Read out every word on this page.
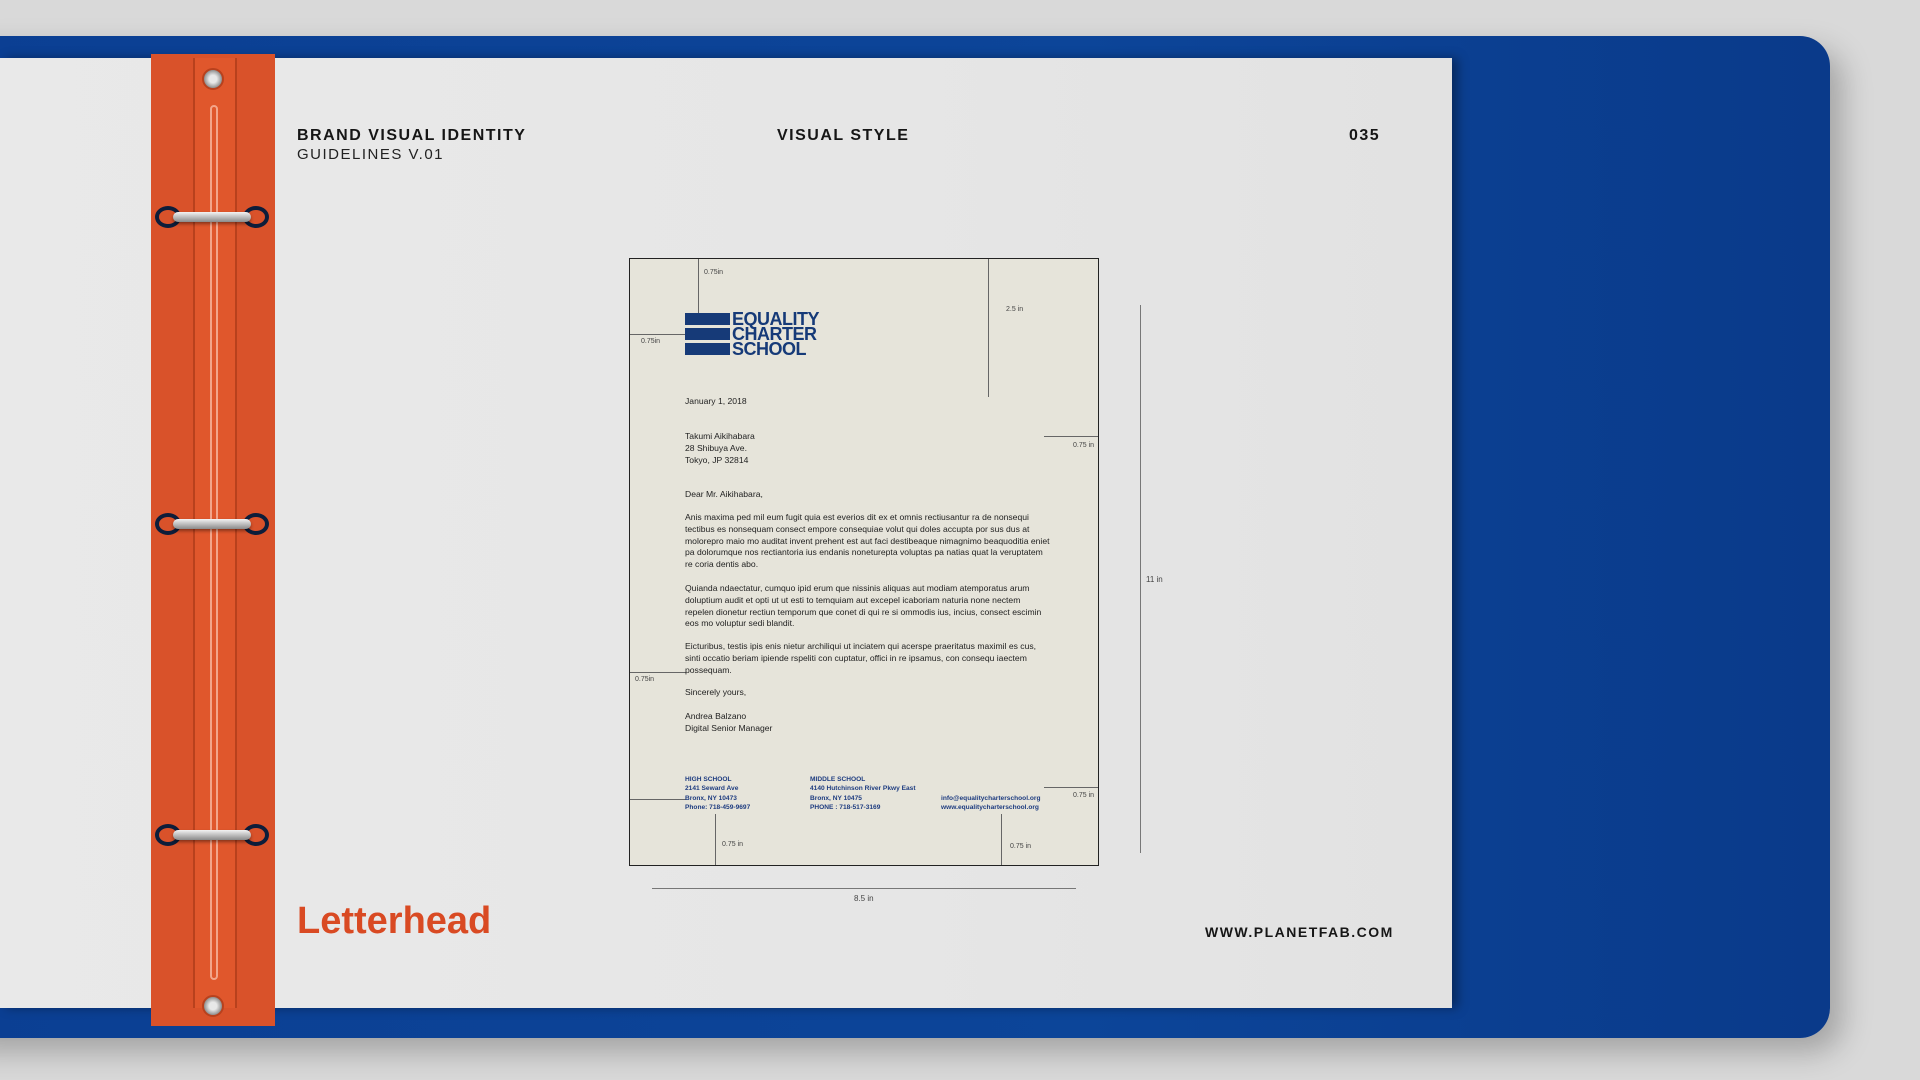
BRAND VISUAL IDENTITY
GUIDELINES V.01
VISUAL STYLE	035
Letterhead	WWW.PLANETFAB.COM
0.75in
0.75in
2.5 in
0.75 in
0.75in
0.75 in
0.75 in	0.75 in
EQUALITY
CHARTER
SCHOOL
January 1, 2018
Takumi Aikihabara
28 Shibuya Ave.
Tokyo, JP 32814
Dear Mr. Aikihabara,
Anis maxima ped mil eum fugit quia est everios dit ex et omnis rectiusantur ra de nonsequi tectibus es nonsequam consect empore consequiae volut qui doles accupta por sus dus at molorepro maio mo auditat invent prehent est aut faci destibeaque nimagnimo beaquoditia eniet pa dolorumque nos rectiantoria ius endanis noneturepta voluptas pa natias quat la veruptatem re coria dentis abo.
Quianda ndaectatur, cumquo ipid erum que nissinis aliquas aut modiam atemporatus arum doluptium audit et opti ut ut esti to temquiam aut excepel icaboriam naturia none nectem repelen dionetur rectiun temporum que conet di qui re si ommodis ius, incius, consect escimin eos mo voluptur sedi blandit.
Eicturibus, testis ipis enis nietur archiliqui ut inciatem qui acerspe praeritatus maximil es cus, sinti occatio beriam ipiende rspeliti con cuptatur, offici in re ipsamus, con consequ iaectem possequam.
Sincerely yours,
Andrea Balzano
Digital Senior Manager
HIGH SCHOOL
2141 Seward Ave
Bronx, NY 10473
Phone: 718-459-9697
MIDDLE SCHOOL
4140 Hutchinson River Pkwy East
Bronx, NY 10475
PHONE : 718-517-3169
info@equalitycharterschool.org
www.equalitycharterschool.org
8.5 in
11 in
